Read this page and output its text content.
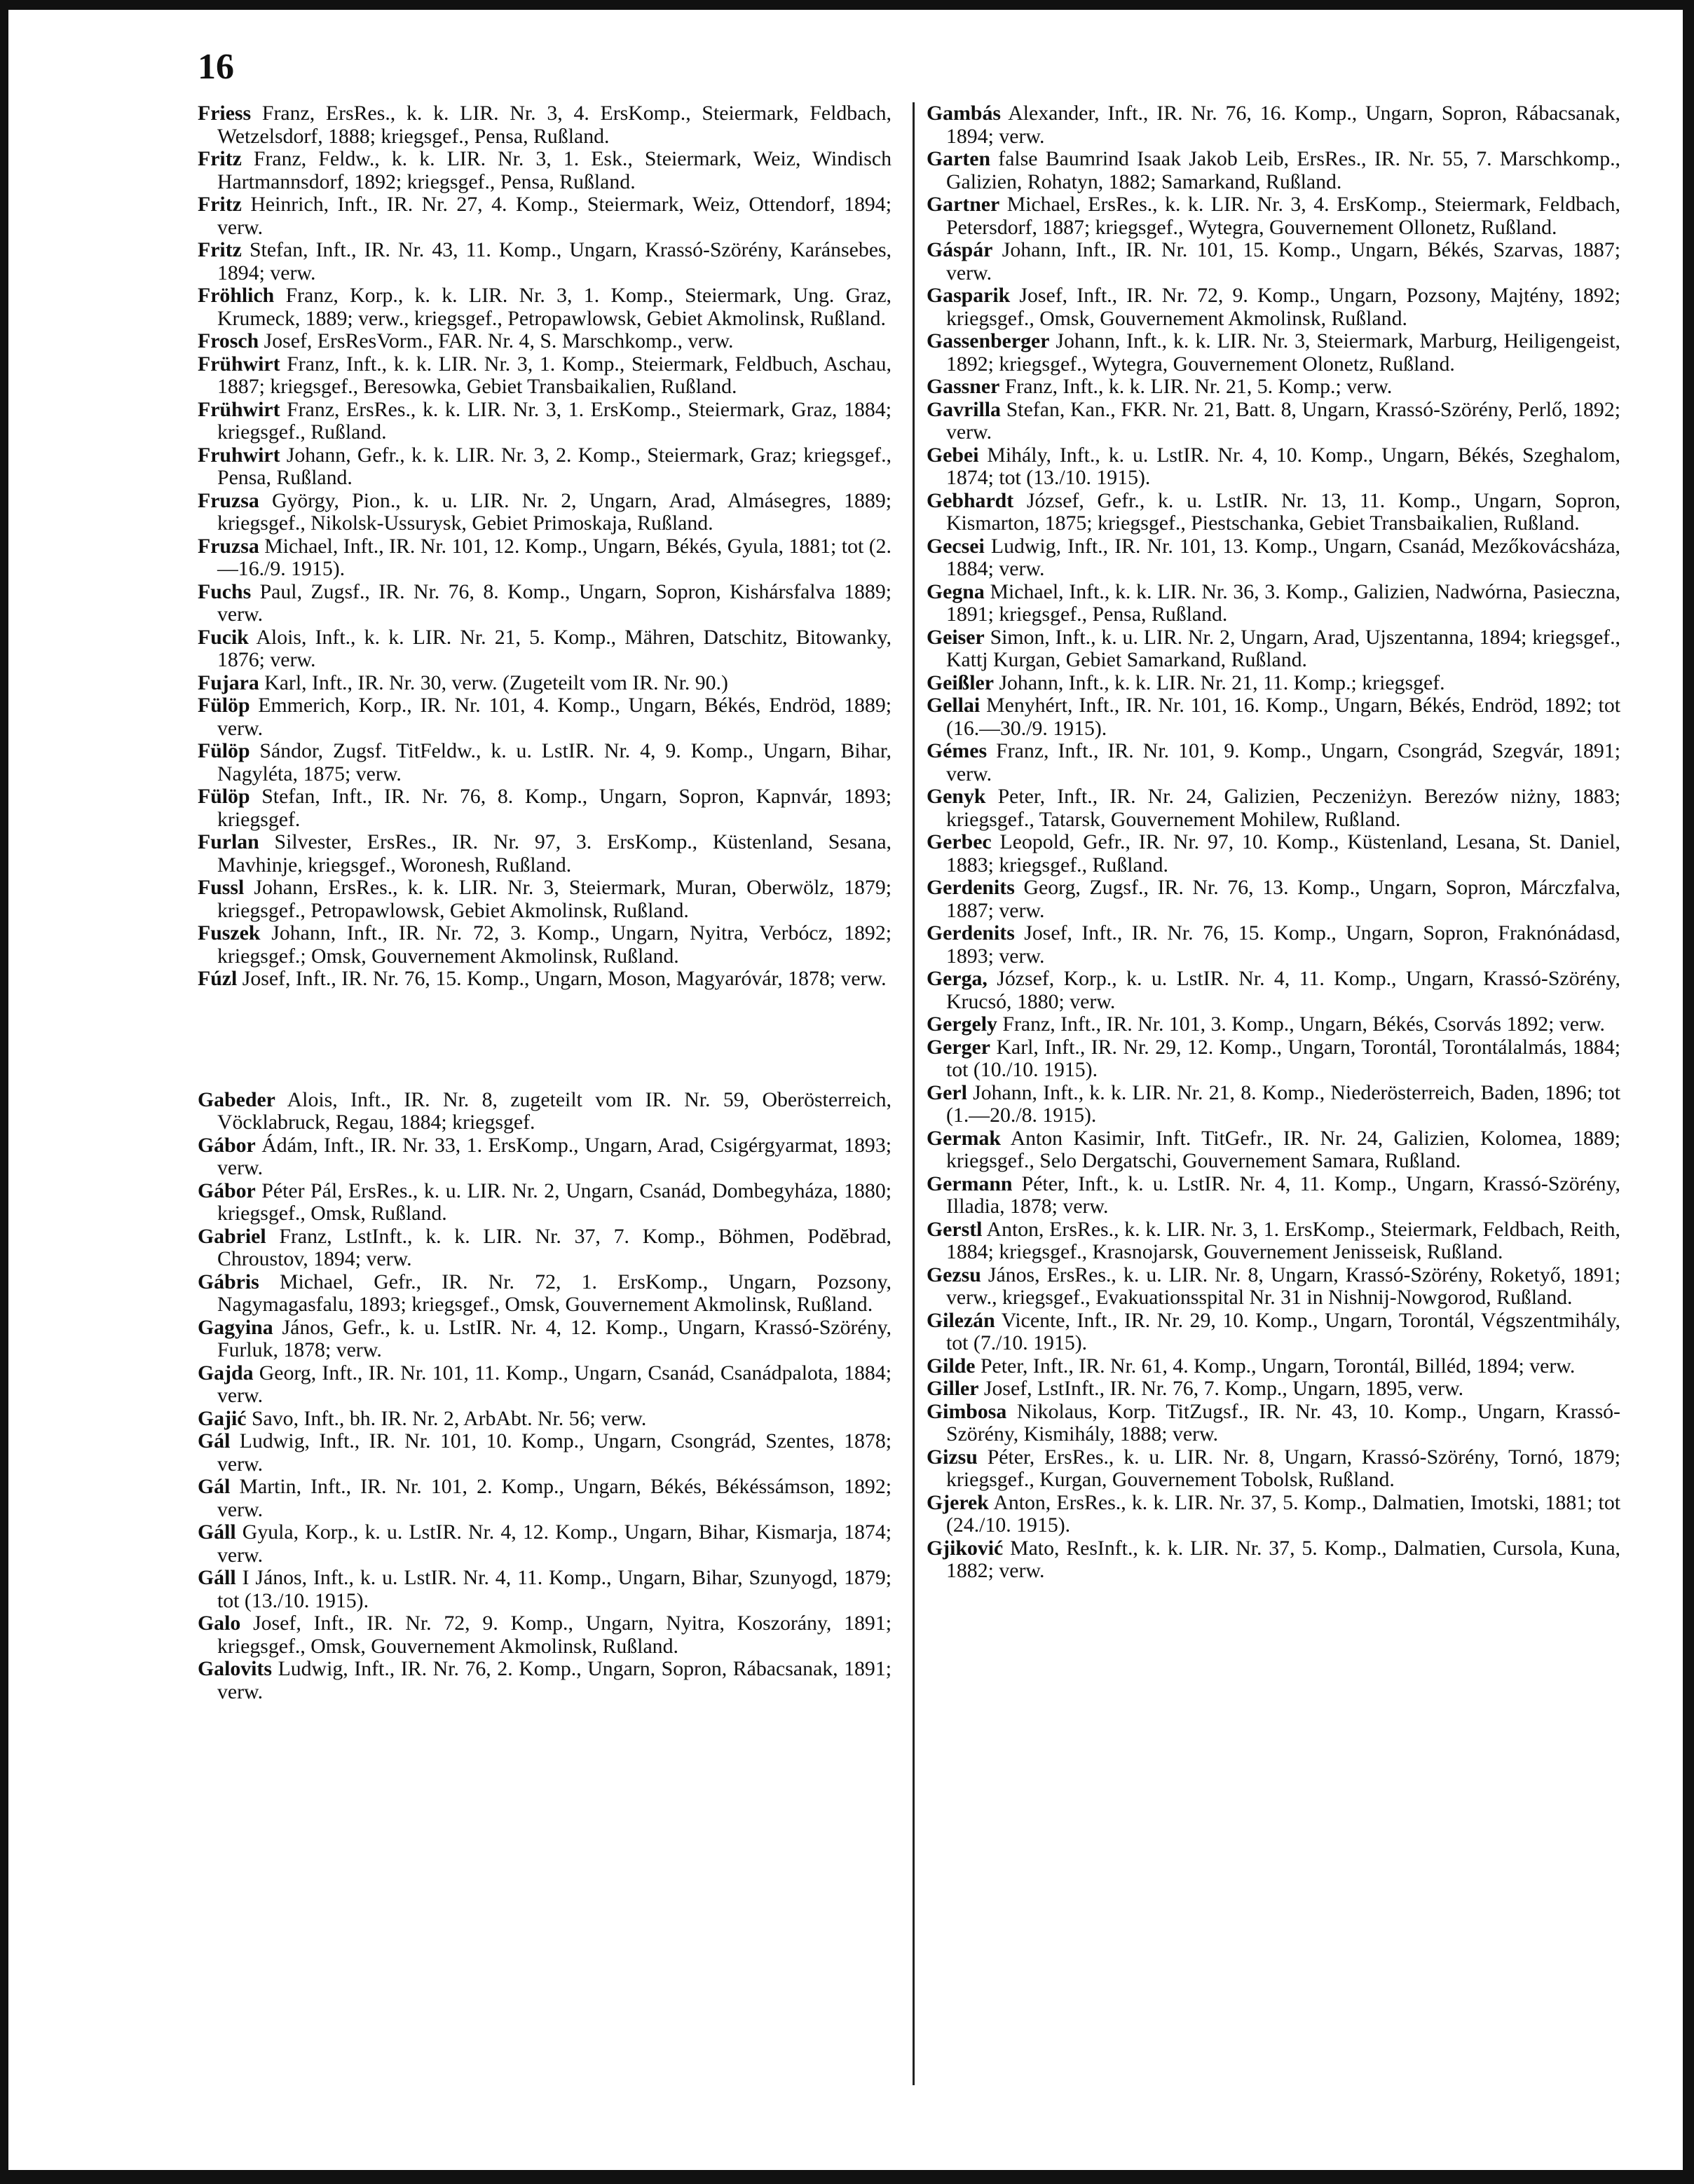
16

Friess Franz, ErsRes., k. k. LIR. Nr. 3, 4. ErsKomp., Steiermark, Feldbach, Wetzelsdorf, 1888; kriegsgef., Pensa, Rußland.

Fritz Franz, Feldw., k. k. LIR. Nr. 3, 1. Esk., Steiermark, Weiz, Windisch Hartmannsdorf, 1892; kriegsgef., Pensa, Rußland.

Fritz Heinrich, Inft., IR. Nr. 27, 4. Komp., Steiermark, Weiz, Ottendorf, 1894; verw.

Fritz Stefan, Inft., IR. Nr. 43, 11. Komp., Ungarn, Krassó-Szörény, Karánsebes, 1894; verw.

Fröhlich Franz, Korp., k. k. LIR. Nr. 3, 1. Komp., Steiermark, Ung. Graz, Krumeck, 1889; verw., kriegsgef., Petropawlowsk, Gebiet Akmolinsk, Rußland.

Frosch Josef, ErsResVorm., FAR. Nr. 4, S. Marschkomp., verw.

Frühwirt Franz, Inft., k. k. LIR. Nr. 3, 1. Komp., Steiermark, Feldbuch, Aschau, 1887; kriegsgef., Beresowka, Gebiet Transbaikalien, Rußland.

Frühwirt Franz, ErsRes., k. k. LIR. Nr. 3, 1. ErsKomp., Steiermark, Graz, 1884; kriegsgef., Rußland.

Fruhwirt Johann, Gefr., k. k. LIR. Nr. 3, 2. Komp., Steiermark, Graz; kriegsgef., Pensa, Rußland.

Fruzsa György, Pion., k. u. LIR. Nr. 2, Ungarn, Arad, Almásegres, 1889; kriegsgef., Nikolsk-Ussurysk, Gebiet Primoskaja, Rußland.

Fruzsa Michael, Inft., IR. Nr. 101, 12. Komp., Ungarn, Békés, Gyula, 1881; tot (2.—16./9. 1915).

Fuchs Paul, Zugsf., IR. Nr. 76, 8. Komp., Ungarn, Sopron, Kishársfalva 1889; verw.

Fucik Alois, Inft., k. k. LIR. Nr. 21, 5. Komp., Mähren, Datschitz, Bitowanky, 1876; verw.

Fujara Karl, Inft., IR. Nr. 30, verw. (Zugeteilt vom IR. Nr. 90.)

Fülöp Emmerich, Korp., IR. Nr. 101, 4. Komp., Ungarn, Békés, Endröd, 1889; verw.

Fülöp Sándor, Zugsf. TitFeldw., k. u. LstIR. Nr. 4, 9. Komp., Ungarn, Bihar, Nagyléta, 1875; verw.

Fülöp Stefan, Inft., IR. Nr. 76, 8. Komp., Ungarn, Sopron, Kapnvár, 1893; kriegsgef.

Furlan Silvester, ErsRes., IR. Nr. 97, 3. ErsKomp., Küstenland, Sesana, Mavhinje, kriegsgef., Woronesh, Rußland.

Fussl Johann, ErsRes., k. k. LIR. Nr. 3, Steiermark, Muran, Oberwölz, 1879; kriegsgef., Petropawlowsk, Gebiet Akmolinsk, Rußland.

Fuszek Johann, Inft., IR. Nr. 72, 3. Komp., Ungarn, Nyitra, Verbócz, 1892; kriegsgef.; Omsk, Gouvernement Akmolinsk, Rußland.

Fúzl Josef, Inft., IR. Nr. 76, 15. Komp., Ungarn, Moson, Magyaróvár, 1878; verw.

Gabeder Alois, Inft., IR. Nr. 8, zugeteilt vom IR. Nr. 59, Oberösterreich, Vöcklabruck, Regau, 1884; kriegsgef.

Gábor Ádám, Inft., IR. Nr. 33, 1. ErsKomp., Ungarn, Arad, Csigérgyarmat, 1893; verw.

Gábor Péter Pál, ErsRes., k. u. LIR. Nr. 2, Ungarn, Csanád, Dombegyháza, 1880; kriegsgef., Omsk, Rußland.

Gabriel Franz, LstInft., k. k. LIR. Nr. 37, 7. Komp., Böhmen, Podĕbrad, Chroustov, 1894; verw.

Gábris Michael, Gefr., IR. Nr. 72, 1. ErsKomp., Ungarn, Pozsony, Nagymagasfalu, 1893; kriegsgef., Omsk, Gouvernement Akmolinsk, Rußland.

Gagyina János, Gefr., k. u. LstIR. Nr. 4, 12. Komp., Ungarn, Krassó-Szörény, Furluk, 1878; verw.

Gajda Georg, Inft., IR. Nr. 101, 11. Komp., Ungarn, Csanád, Csanádpalota, 1884; verw.

Gajić Savo, Inft., bh. IR. Nr. 2, ArbAbt. Nr. 56; verw.

Gál Ludwig, Inft., IR. Nr. 101, 10. Komp., Ungarn, Csongrád, Szentes, 1878; verw.

Gál Martin, Inft., IR. Nr. 101, 2. Komp., Ungarn, Békés, Békéssámson, 1892; verw.

Gáll Gyula, Korp., k. u. LstIR. Nr. 4, 12. Komp., Ungarn, Bihar, Kismarja, 1874; verw.

Gáll I János, Inft., k. u. LstIR. Nr. 4, 11. Komp., Ungarn, Bihar, Szunyogd, 1879; tot (13./10. 1915).

Galo Josef, Inft., IR. Nr. 72, 9. Komp., Ungarn, Nyitra, Koszorány, 1891; kriegsgef., Omsk, Gouvernement Akmolinsk, Rußland.

Galovits Ludwig, Inft., IR. Nr. 76, 2. Komp., Ungarn, Sopron, Rábacsanak, 1891; verw.

Gambás Alexander, Inft., IR. Nr. 76, 16. Komp., Ungarn, Sopron, Rábacsanak, 1894; verw.

Garten false Baumrind Isaak Jakob Leib, ErsRes., IR. Nr. 55, 7. Marschkomp., Galizien, Rohatyn, 1882; Samarkand, Rußland.

Gartner Michael, ErsRes., k. k. LIR. Nr. 3, 4. ErsKomp., Steiermark, Feldbach, Petersdorf, 1887; kriegsgef., Wytegra, Gouvernement Ollonetz, Rußland.

Gáspár Johann, Inft., IR. Nr. 101, 15. Komp., Ungarn, Békés, Szarvas, 1887; verw.

Gasparik Josef, Inft., IR. Nr. 72, 9. Komp., Ungarn, Pozsony, Majtény, 1892; kriegsgef., Omsk, Gouvernement Akmolinsk, Rußland.

Gassenberger Johann, Inft., k. k. LIR. Nr. 3, Steiermark, Marburg, Heiligengeist, 1892; kriegsgef., Wytegra, Gouvernement Olonetz, Rußland.

Gassner Franz, Inft., k. k. LIR. Nr. 21, 5. Komp.; verw.

Gavrilla Stefan, Kan., FKR. Nr. 21, Batt. 8, Ungarn, Krassó-Szörény, Perlő, 1892; verw.

Gebei Mihály, Inft., k. u. LstIR. Nr. 4, 10. Komp., Ungarn, Békés, Szeghalom, 1874; tot (13./10. 1915).

Gebhardt József, Gefr., k. u. LstIR. Nr. 13, 11. Komp., Ungarn, Sopron, Kismarton, 1875; kriegsgef., Piestschanka, Gebiet Transbaikalien, Rußland.

Gecsei Ludwig, Inft., IR. Nr. 101, 13. Komp., Ungarn, Csanád, Mezőkovácsháza, 1884; verw.

Gegna Michael, Inft., k. k. LIR. Nr. 36, 3. Komp., Galizien, Nadwórna, Pasieczna, 1891; kriegsgef., Pensa, Rußland.

Geiser Simon, Inft., k. u. LIR. Nr. 2, Ungarn, Arad, Ujszentanna, 1894; kriegsgef., Kattj Kurgan, Gebiet Samarkand, Rußland.

Geißler Johann, Inft., k. k. LIR. Nr. 21, 11. Komp.; kriegsgef.

Gellai Menyhért, Inft., IR. Nr. 101, 16. Komp., Ungarn, Békés, Endröd, 1892; tot (16.—30./9. 1915).

Gémes Franz, Inft., IR. Nr. 101, 9. Komp., Ungarn, Csongrád, Szegvár, 1891; verw.

Genyk Peter, Inft., IR. Nr. 24, Galizien, Peczeniżyn. Berezów niżny, 1883; kriegsgef., Tatarsk, Gouvernement Mohilew, Rußland.

Gerbec Leopold, Gefr., IR. Nr. 97, 10. Komp., Küstenland, Lesana, St. Daniel, 1883; kriegsgef., Rußland.

Gerdenits Georg, Zugsf., IR. Nr. 76, 13. Komp., Ungarn, Sopron, Márczfalva, 1887; verw.

Gerdenits Josef, Inft., IR. Nr. 76, 15. Komp., Ungarn, Sopron, Fraknónádasd, 1893; verw.

Gerga, József, Korp., k. u. LstIR. Nr. 4, 11. Komp., Ungarn, Krassó-Szörény, Krucsó, 1880; verw.

Gergely Franz, Inft., IR. Nr. 101, 3. Komp., Ungarn, Békés, Csorvás 1892; verw.

Gerger Karl, Inft., IR. Nr. 29, 12. Komp., Ungarn, Torontál, Torontálalmás, 1884; tot (10./10. 1915).

Gerl Johann, Inft., k. k. LIR. Nr. 21, 8. Komp., Niederösterreich, Baden, 1896; tot (1.—20./8. 1915).

Germak Anton Kasimir, Inft. TitGefr., IR. Nr. 24, Galizien, Kolomea, 1889; kriegsgef., Selo Dergatschi, Gouvernement Samara, Rußland.

Germann Péter, Inft., k. u. LstIR. Nr. 4, 11. Komp., Ungarn, Krassó-Szörény, Illadia, 1878; verw.

Gerstl Anton, ErsRes., k. k. LIR. Nr. 3, 1. ErsKomp., Steiermark, Feldbach, Reith, 1884; kriegsgef., Krasnojarsk, Gouvernement Jenisseisk, Rußland.

Gezsu János, ErsRes., k. u. LIR. Nr. 8, Ungarn, Krassó-Szörény, Roketyő, 1891; verw., kriegsgef., Evakuationsspital Nr. 31 in Nishnij-Nowgorod, Rußland.

Gilezán Vicente, Inft., IR. Nr. 29, 10. Komp., Ungarn, Torontál, Végszentmihály, tot (7./10. 1915).

Gilde Peter, Inft., IR. Nr. 61, 4. Komp., Ungarn, Torontál, Billéd, 1894; verw.

Giller Josef, LstInft., IR. Nr. 76, 7. Komp., Ungarn, 1895, verw.

Gimbosa Nikolaus, Korp. TitZugsf., IR. Nr. 43, 10. Komp., Ungarn, Krassó-Szörény, Kismihály, 1888; verw.

Gizsu Péter, ErsRes., k. u. LIR. Nr. 8, Ungarn, Krassó-Szörény, Tornó, 1879; kriegsgef., Kurgan, Gouvernement Tobolsk, Rußland.

Gjerek Anton, ErsRes., k. k. LIR. Nr. 37, 5. Komp., Dalmatien, Imotski, 1881; tot (24./10. 1915).

Gjiković Mato, ResInft., k. k. LIR. Nr. 37, 5. Komp., Dalmatien, Cursola, Kuna, 1882; verw.
